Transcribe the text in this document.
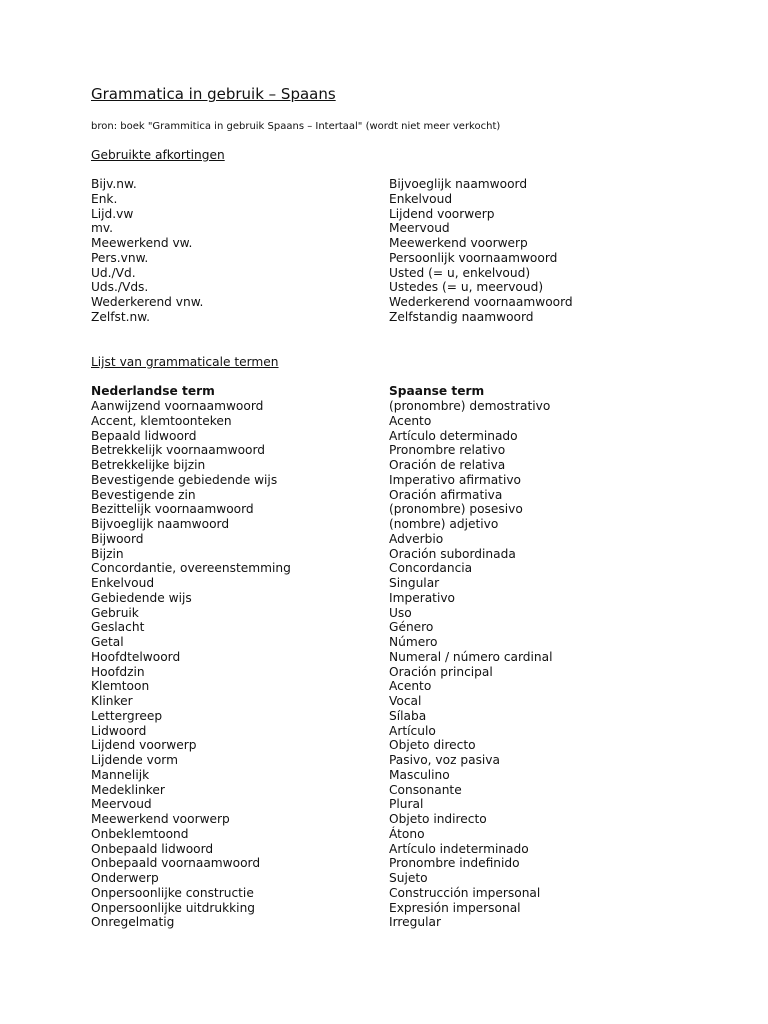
Grammatica in gebruik – Spaans
bron: boek "Grammitica in gebruik Spaans – Intertaal" (wordt niet meer verkocht)
Gebruikte afkortingen
Bijv.nw.
Enk.
Lijd.vw
mv.
Meewerkend vw.
Pers.vnw.
Ud./Vd.
Uds./Vds.
Wederkerend vnw.
Zelfst.nw.
Bijvoeglijk naamwoord
Enkelvoud
Lijdend voorwerp
Meervoud
Meewerkend voorwerp
Persoonlijk voornaamwoord
Usted (= u, enkelvoud)
Ustedes (= u, meervoud)
Wederkerend voornaamwoord
Zelfstandig naamwoord
Lijst van grammaticale termen
Nederlandse term	Spaanse term
Aanwijzend voornaamwoord
Accent, klemtoonteken
Bepaald lidwoord
Betrekkelijk voornaamwoord
Betrekkelijke bijzin
Bevestigende gebiedende wijs
Bevestigende zin
Bezittelijk voornaamwoord
Bijvoeglijk naamwoord
Bijwoord
Bijzin
Concordantie, overeenstemming
Enkelvoud
Gebiedende wijs
Gebruik
Geslacht
Getal
Hoofdtelwoord
Hoofdzin
Klemtoon
Klinker
Lettergreep
Lidwoord
Lijdend voorwerp
Lijdende vorm
Mannelijk
Medeklinker
Meervoud
Meewerkend voorwerp
Onbeklemtoond
Onbepaald lidwoord
Onbepaald voornaamwoord
Onderwerp
Onpersoonlijke constructie
Onpersoonlijke uitdrukking
Onregelmatig
(pronombre) demostrativo
Acento
Artículo determinado
Pronombre relativo
Oración de relativa
Imperativo afirmativo
Oración afirmativa
(pronombre) posesivo
(nombre) adjetivo
Adverbio
Oración subordinada
Concordancia
Singular
Imperativo
Uso
Género
Número
Numeral / número cardinal
Oración principal
Acento
Vocal
Sílaba
Artículo
Objeto directo
Pasivo, voz pasiva
Masculino
Consonante
Plural
Objeto indirecto
Átono
Artículo indeterminado
Pronombre indefinido
Sujeto
Construcción impersonal
Expresión impersonal
Irregular
